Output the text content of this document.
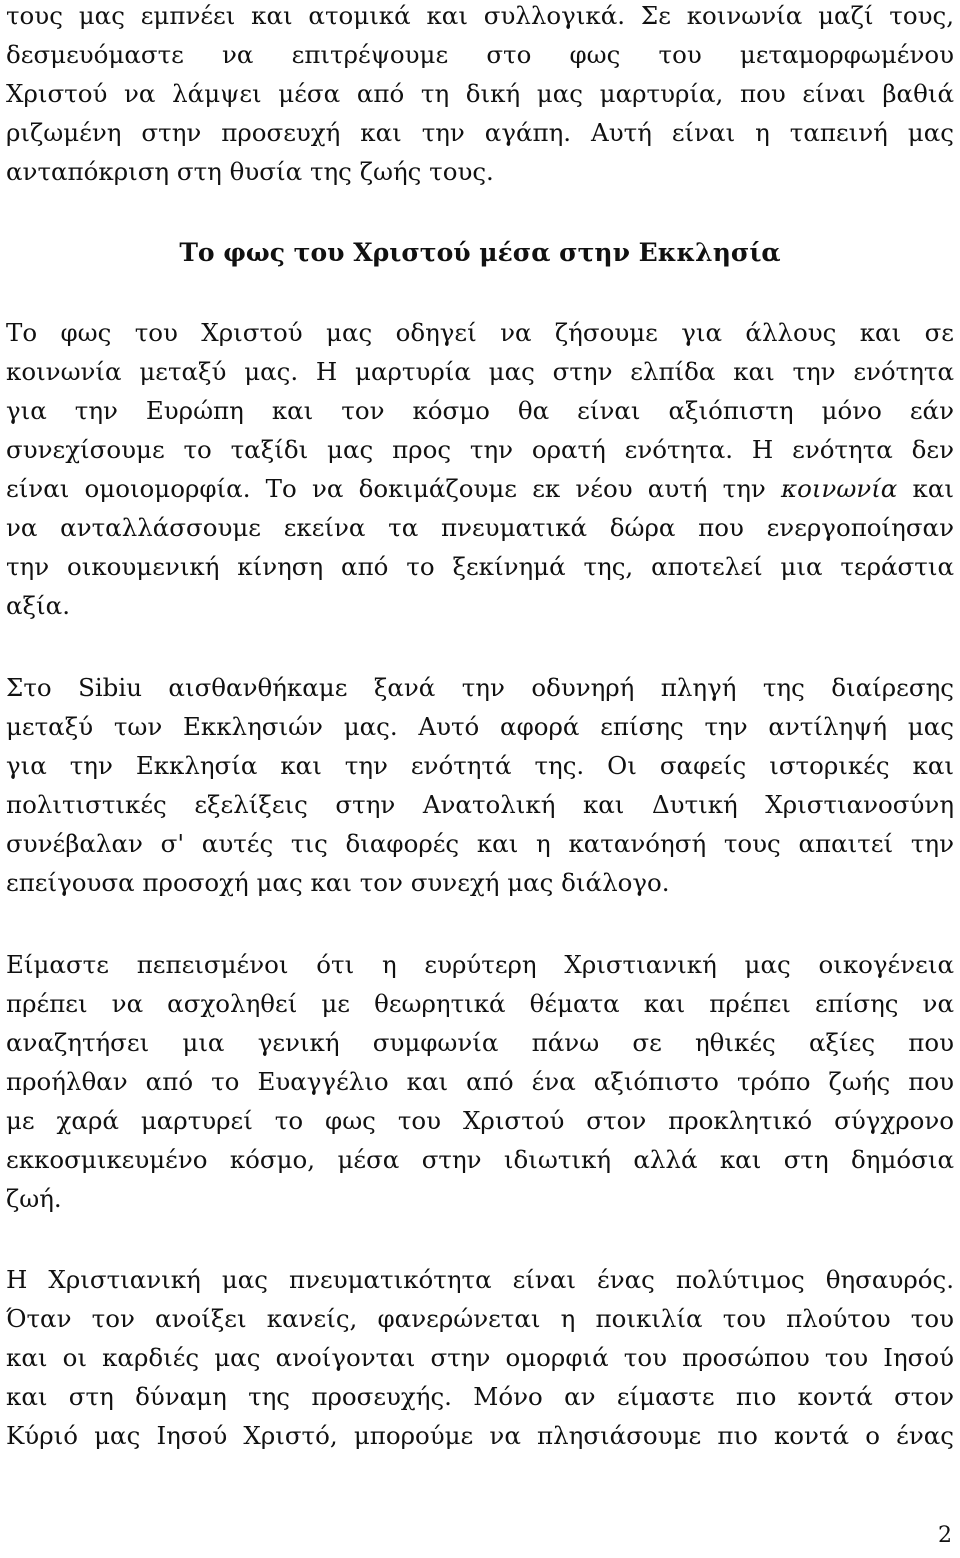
τους μας εμπνέει και ατομικά και συλλογικά. Σε κοινωνία μαζί τους,
δεσμευόμαστε να επιτρέψουμε στο φως του μεταμορφωμένου
Χριστού να λάμψει μέσα από τη δική μας μαρτυρία, που είναι βαθιά
ριζωμένη στην προσευχή και την αγάπη. Αυτή είναι η ταπεινή μας
ανταπόκριση στη θυσία της ζωής τους.
Το φως του Χριστού μέσα στην Εκκλησία
Το φως του Χριστού μας οδηγεί να ζήσουμε για άλλους και σε
κοινωνία μεταξύ μας. Η μαρτυρία μας στην ελπίδα και την ενότητα
για την Ευρώπη και τον κόσμο θα είναι αξιόπιστη μόνο εάν
συνεχίσουμε το ταξίδι μας προς την ορατή ενότητα. Η ενότητα δεν
είναι ομοιομορφία. Το να δοκιμάζουμε εκ νέου αυτή την κοινωνία και
να ανταλλάσσουμε εκείνα τα πνευματικά δώρα που ενεργοποίησαν
την οικουμενική κίνηση από το ξεκίνημά της, αποτελεί μια τεράστια
αξία.
Στο Sibiu αισθανθήκαμε ξανά την οδυνηρή πληγή της διαίρεσης
μεταξύ των Εκκλησιών μας. Αυτό αφορά επίσης την αντίληψή μας
για την Εκκλησία και την ενότητά της. Οι σαφείς ιστορικές και
πολιτιστικές εξελίξεις στην Ανατολική και Δυτική Χριστιανοσύνη
συνέβαλαν σ' αυτές τις διαφορές και η κατανόησή τους απαιτεί την
επείγουσα προσοχή μας και τον συνεχή μας διάλογο.
Είμαστε πεπεισμένοι ότι η ευρύτερη Χριστιανική μας οικογένεια
πρέπει να ασχοληθεί με θεωρητικά θέματα και πρέπει επίσης να
αναζητήσει μια γενική συμφωνία πάνω σε ηθικές αξίες που
προήλθαν από το Ευαγγέλιο και από ένα αξιόπιστο τρόπο ζωής που
με χαρά μαρτυρεί το φως του Χριστού στον προκλητικό σύγχρονο
εκκοσμικευμένο κόσμο, μέσα στην ιδιωτική αλλά και στη δημόσια
ζωή.
Η Χριστιανική μας πνευματικότητα είναι ένας πολύτιμος θησαυρός.
Όταν τον ανοίξει κανείς, φανερώνεται η ποικιλία του πλούτου του
και οι καρδιές μας ανοίγονται στην ομορφιά του προσώπου του Ιησού
και στη δύναμη της προσευχής. Μόνο αν είμαστε πιο κοντά στον
Κύριό μας Ιησού Χριστό, μπορούμε να πλησιάσουμε πιο κοντά ο ένας
2
